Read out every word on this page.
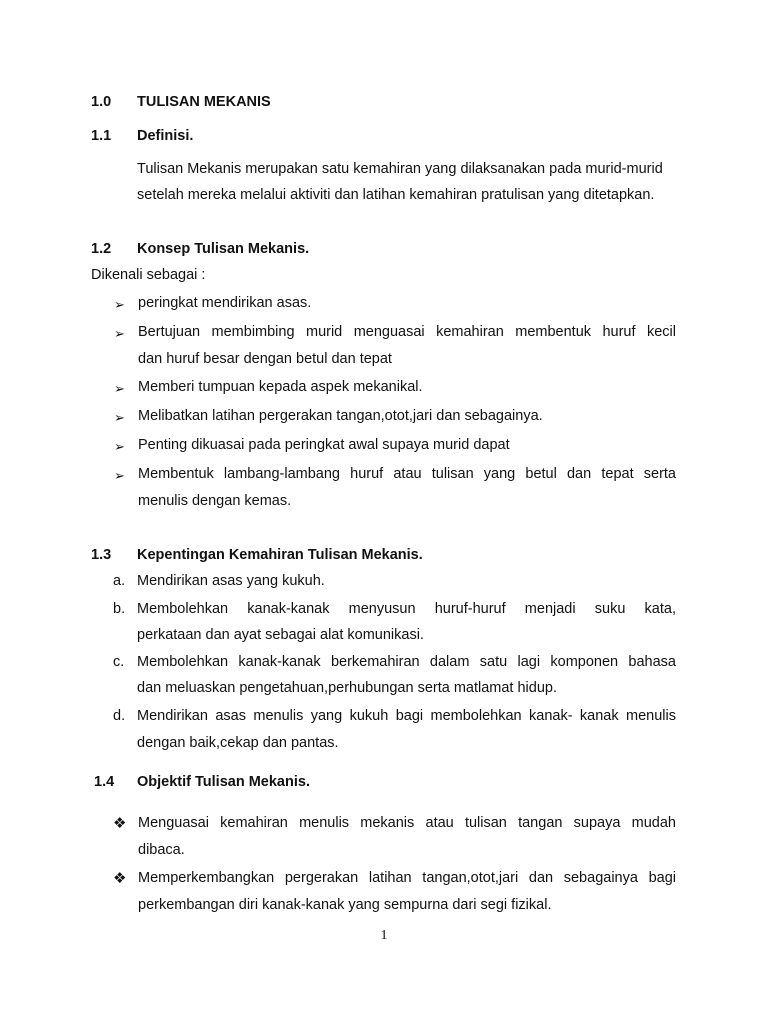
1.0 TULISAN MEKANIS
1.1 Definisi.
Tulisan Mekanis merupakan satu kemahiran yang dilaksanakan pada murid-murid
setelah mereka melalui aktiviti dan latihan kemahiran pratulisan yang ditetapkan.
1.2 Konsep Tulisan Mekanis.
Dikenali sebagai :
➢ peringkat mendirikan asas.
➢ Bertujuan membimbing murid menguasai kemahiran membentuk huruf kecil
dan huruf besar dengan betul dan tepat
➢ Memberi tumpuan kepada aspek mekanikal.
➢ Melibatkan latihan pergerakan tangan,otot,jari dan sebagainya.
➢ Penting dikuasai pada peringkat awal supaya murid dapat
➢ Membentuk lambang-lambang huruf atau tulisan yang betul dan tepat serta
menulis dengan kemas.
1.3 Kepentingan Kemahiran Tulisan Mekanis.
a. Mendirikan asas yang kukuh.
b. Membolehkan kanak-kanak menyusun huruf-huruf menjadi suku kata,
perkataan dan ayat sebagai alat komunikasi.
c. Membolehkan kanak-kanak berkemahiran dalam satu lagi komponen bahasa
dan meluaskan pengetahuan,perhubungan serta matlamat hidup.
d. Mendirikan asas menulis yang kukuh bagi membolehkan kanak- kanak menulis
dengan baik,cekap dan pantas.
1.4 Objektif Tulisan Mekanis.
❖ Menguasai kemahiran menulis mekanis atau tulisan tangan supaya mudah
dibaca.
❖ Memperkembangkan pergerakan latihan tangan,otot,jari dan sebagainya bagi
perkembangan diri kanak-kanak yang sempurna dari segi fizikal.
1
